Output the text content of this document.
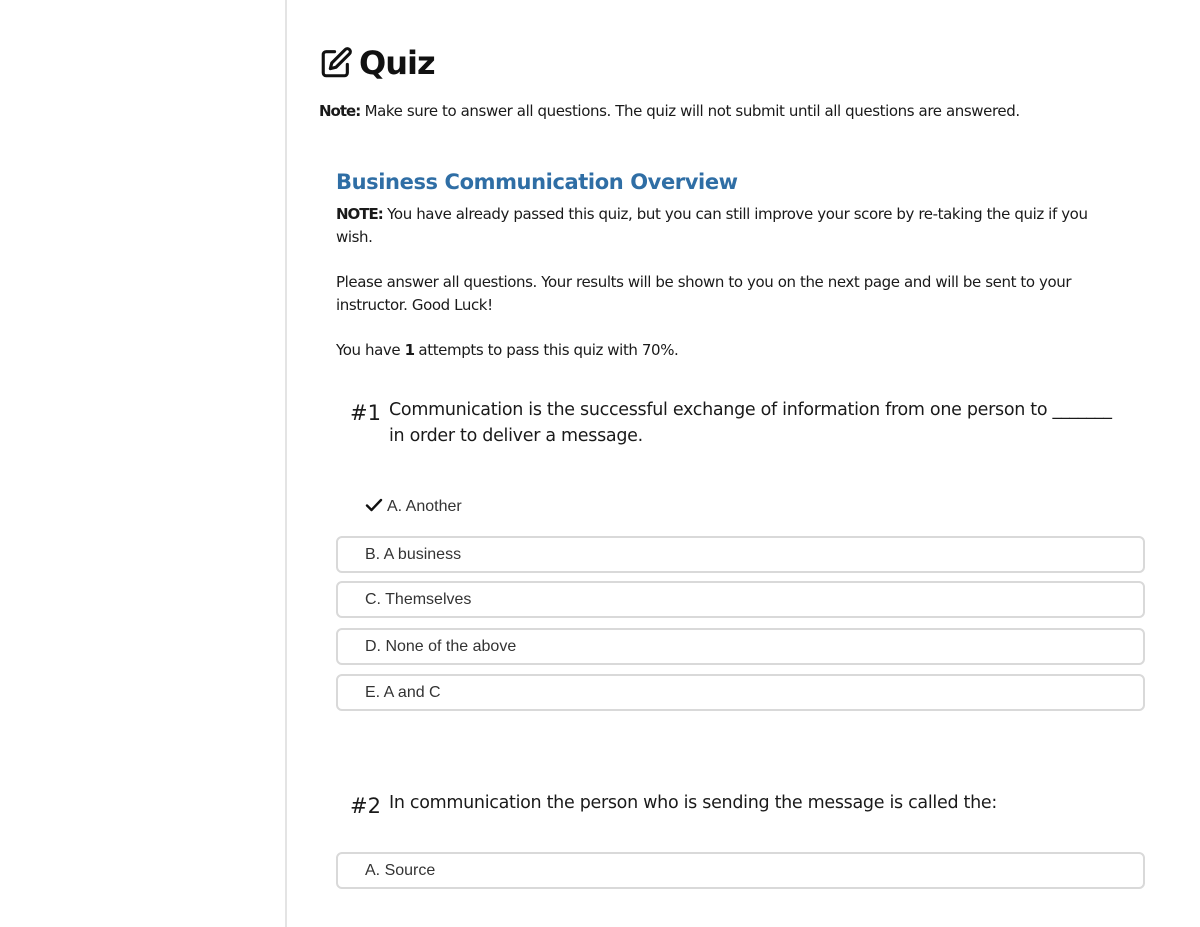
Quiz
Note: Make sure to answer all questions. The quiz will not submit until all questions are answered.
Business Communication Overview

NOTE: You have already passed this quiz, but you can still improve your score by re-taking the quiz if you wish.

Please answer all questions. Your results will be shown to you on the next page and will be sent to your instructor. Good Luck!

You have 1 attempts to pass this quiz with 70%.

#1 Communication is the successful exchange of information from one person to _______ in order to deliver a message.
A. Another
B. A business
C. Themselves
D. None of the above
E. A and C
#2 In communication the person who is sending the message is called the:
A. Source
